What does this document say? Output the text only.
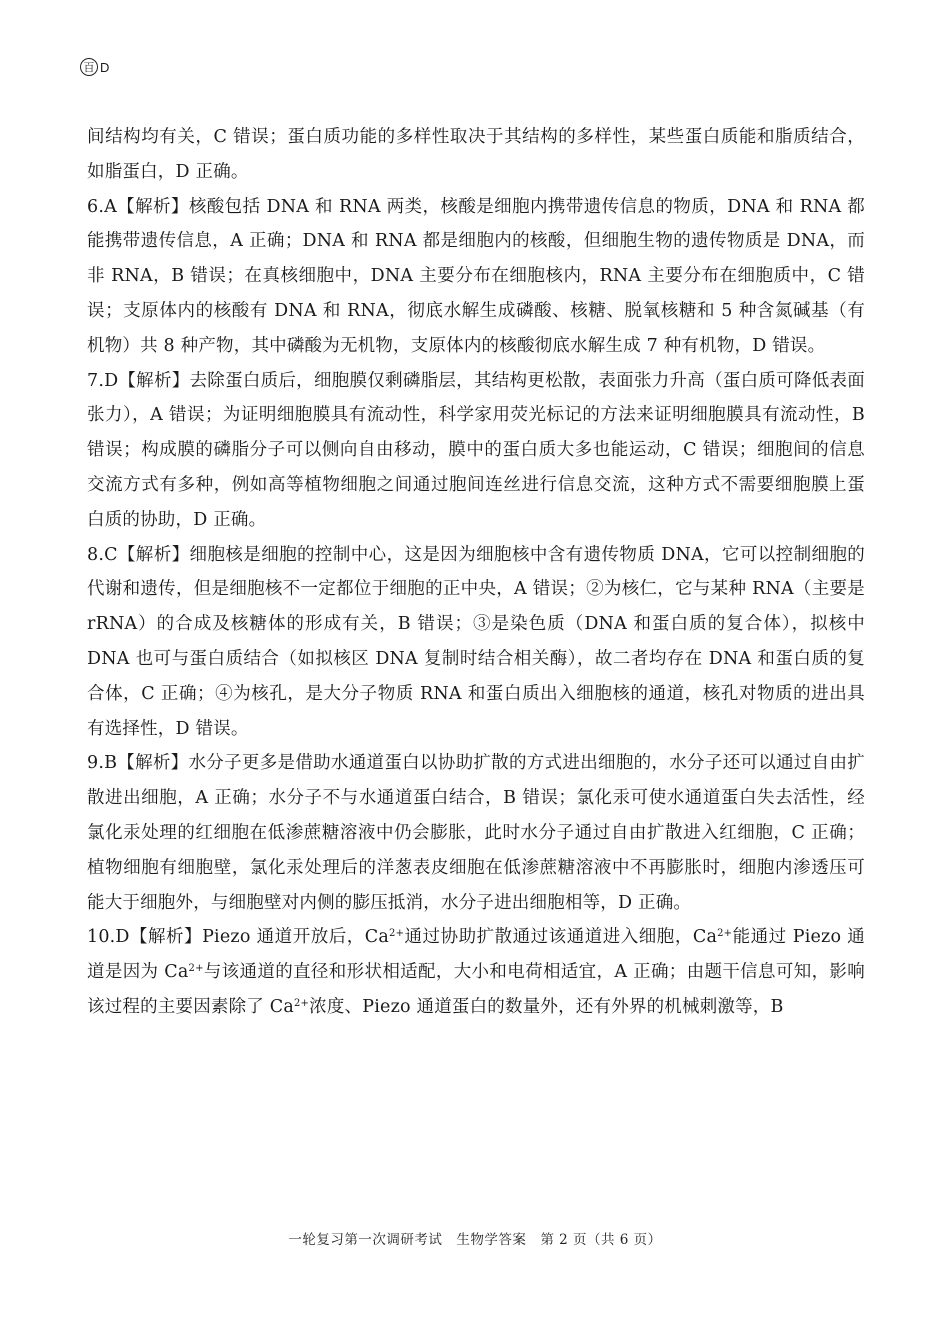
百 D

间结构均有关，C 错误；蛋白质功能的多样性取决于其结构的多样性，某些蛋白质能和脂质结合，如脂蛋白，D 正确。

6.A【解析】核酸包括 DNA 和 RNA 两类，核酸是细胞内携带遗传信息的物质，DNA 和 RNA 都能携带遗传信息，A 正确；DNA 和 RNA 都是细胞内的核酸，但细胞生物的遗传物质是 DNA，而非 RNA，B 错误；在真核细胞中，DNA 主要分布在细胞核内，RNA 主要分布在细胞质中，C 错误；支原体内的核酸有 DNA 和 RNA，彻底水解生成磷酸、核糖、脱氧核糖和 5 种含氮碱基（有机物）共 8 种产物，其中磷酸为无机物，支原体内的核酸彻底水解生成 7 种有机物，D 错误。

7.D【解析】去除蛋白质后，细胞膜仅剩磷脂层，其结构更松散，表面张力升高（蛋白质可降低表面张力），A 错误；为证明细胞膜具有流动性，科学家用荧光标记的方法来证明细胞膜具有流动性，B 错误；构成膜的磷脂分子可以侧向自由移动，膜中的蛋白质大多也能运动，C 错误；细胞间的信息交流方式有多种，例如高等植物细胞之间通过胞间连丝进行信息交流，这种方式不需要细胞膜上蛋白质的协助，D 正确。

8.C【解析】细胞核是细胞的控制中心，这是因为细胞核中含有遗传物质 DNA，它可以控制细胞的代谢和遗传，但是细胞核不一定都位于细胞的正中央，A 错误；②为核仁，它与某种 RNA（主要是 rRNA）的合成及核糖体的形成有关，B 错误；③是染色质（DNA 和蛋白质的复合体），拟核中 DNA 也可与蛋白质结合（如拟核区 DNA 复制时结合相关酶），故二者均存在 DNA 和蛋白质的复合体，C 正确；④为核孔，是大分子物质 RNA 和蛋白质出入细胞核的通道，核孔对物质的进出具有选择性，D 错误。

9.B【解析】水分子更多是借助水通道蛋白以协助扩散的方式进出细胞的，水分子还可以通过自由扩散进出细胞，A 正确；水分子不与水通道蛋白结合，B 错误；氯化汞可使水通道蛋白失去活性，经氯化汞处理的红细胞在低渗蔗糖溶液中仍会膨胀，此时水分子通过自由扩散进入红细胞，C 正确；植物细胞有细胞壁，氯化汞处理后的洋葱表皮细胞在低渗蔗糖溶液中不再膨胀时，细胞内渗透压可能大于细胞外，与细胞壁对内侧的膨压抵消，水分子进出细胞相等，D 正确。

10.D【解析】Piezo 通道开放后，$Ca^{2+}$通过协助扩散通过该通道进入细胞，$Ca^{2+}$能通过 Piezo 通道是因为 $Ca^{2+}$与该通道的直径和形状相适配，大小和电荷相适宜，A 正确；由题干信息可知，影响该过程的主要因素除了 $Ca^{2+}$浓度、Piezo 通道蛋白的数量外，还有外界的机械刺激等，B

一轮复习第一次调研考试　生物学答案　第 2 页（共 6 页）
